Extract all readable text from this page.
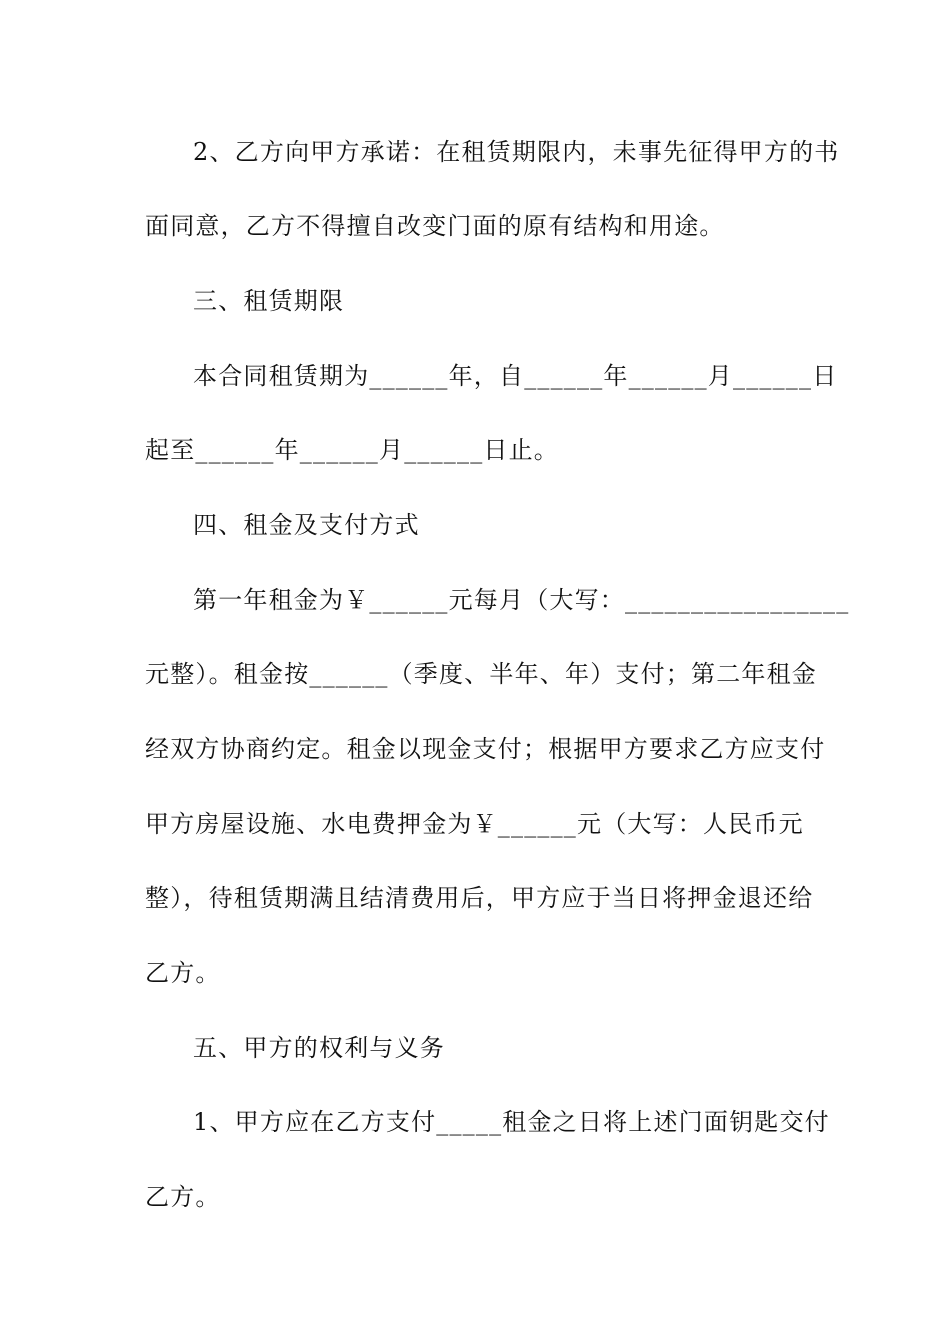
2、乙方向甲方承诺：在租赁期限内，未事先征得甲方的书
面同意，乙方不得擅自改变门面的原有结构和用途。
三、租赁期限
本合同租赁期为______年，自______年______月______日
起至______年______月______日止。
四、租金及支付方式
第一年租金为￥______元每月（大写：_________________
元整）。租金按______（季度、半年、年）支付；第二年租金
经双方协商约定。租金以现金支付；根据甲方要求乙方应支付
甲方房屋设施、水电费押金为￥______元（大写：人民币元
整），待租赁期满且结清费用后，甲方应于当日将押金退还给
乙方。
五、甲方的权利与义务
1、甲方应在乙方支付_____租金之日将上述门面钥匙交付
乙方。
